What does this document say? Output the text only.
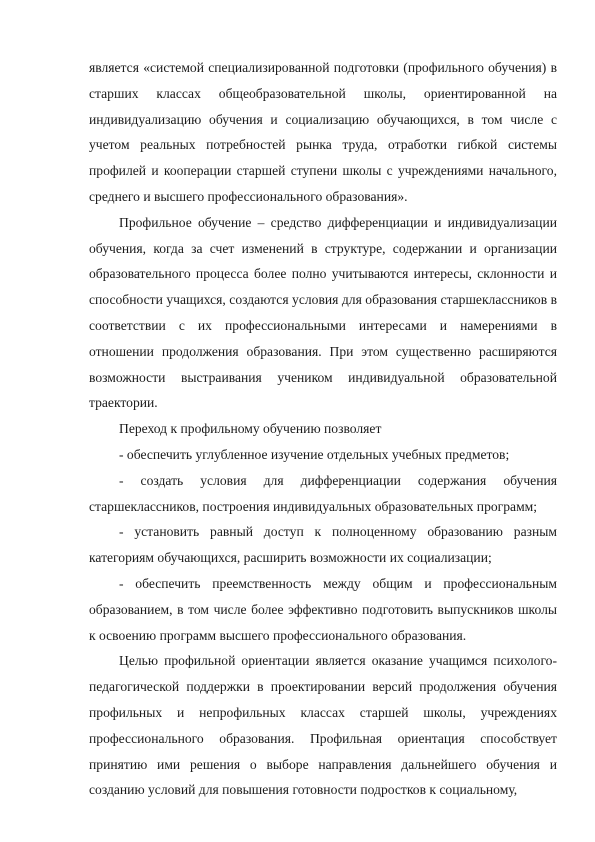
является «системой специализированной подготовки (профильного обучения) в старших классах общеобразовательной школы, ориентированной на индивидуализацию обучения и социализацию обучающихся, в том числе с учетом реальных потребностей рынка труда, отработки гибкой системы профилей и кооперации старшей ступени школы с учреждениями начального, среднего и высшего профессионального образования».

Профильное обучение – средство дифференциации и индивидуализации обучения, когда за счет изменений в структуре, содержании и организации образовательного процесса более полно учитываются интересы, склонности и способности учащихся, создаются условия для образования старшеклассников в соответствии с их профессиональными интересами и намерениями в отношении продолжения образования. При этом существенно расширяются возможности выстраивания учеником индивидуальной образовательной траектории.

Переход к профильному обучению позволяет

- обеспечить углубленное изучение отдельных учебных предметов;

- создать условия для дифференциации содержания обучения старшеклассников, построения индивидуальных образовательных программ;

- установить равный доступ к полноценному образованию разным категориям обучающихся, расширить возможности их социализации;

- обеспечить преемственность между общим и профессиональным образованием, в том числе более эффективно подготовить выпускников школы к освоению программ высшего профессионального образования.

Целью профильной ориентации является оказание учащимся психолого-педагогической поддержки в проектировании версий продолжения обучения профильных и непрофильных классах старшей школы, учреждениях профессионального образования. Профильная ориентация способствует принятию ими решения о выборе направления дальнейшего обучения и созданию условий для повышения готовности подростков к социальному,
